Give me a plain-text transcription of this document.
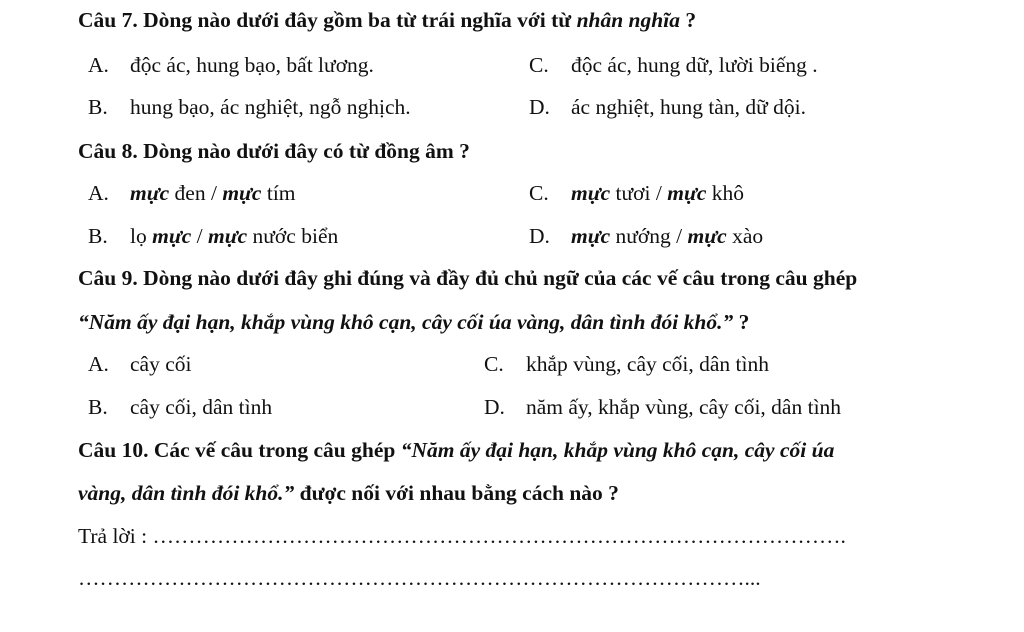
Câu 7. Dòng nào dưới đây gồm ba từ trái nghĩa với từ nhân nghĩa ?
A. độc ác, hung bạo, bất lương.	C. độc ác, hung dữ, lười biếng .
B. hung bạo, ác nghiệt, ngỗ nghịch.	D. ác nghiệt, hung tàn, dữ dội.
Câu 8. Dòng nào dưới đây có từ đồng âm ?
A. mực đen / mực tím	C. mực tươi / mực khô
B. lọ mực / mực nước biển	D. mực nướng / mực xào
Câu 9. Dòng nào dưới đây ghi đúng và đầy đủ chủ ngữ của các vế câu trong câu ghép
“Năm ấy đại hạn, khắp vùng khô cạn, cây cối úa vàng, dân tình đói khổ.” ?
A. cây cối	C. khắp vùng, cây cối, dân tình
B. cây cối, dân tình	D. năm ấy, khắp vùng, cây cối, dân tình
Câu 10. Các vế câu trong câu ghép “Năm ấy đại hạn, khắp vùng khô cạn, cây cối úa
vàng, dân tình đói khổ.” được nối với nhau bằng cách nào ?
Trả lời : …………………………………………………………………………………….
…………………………………………………………………………………...
